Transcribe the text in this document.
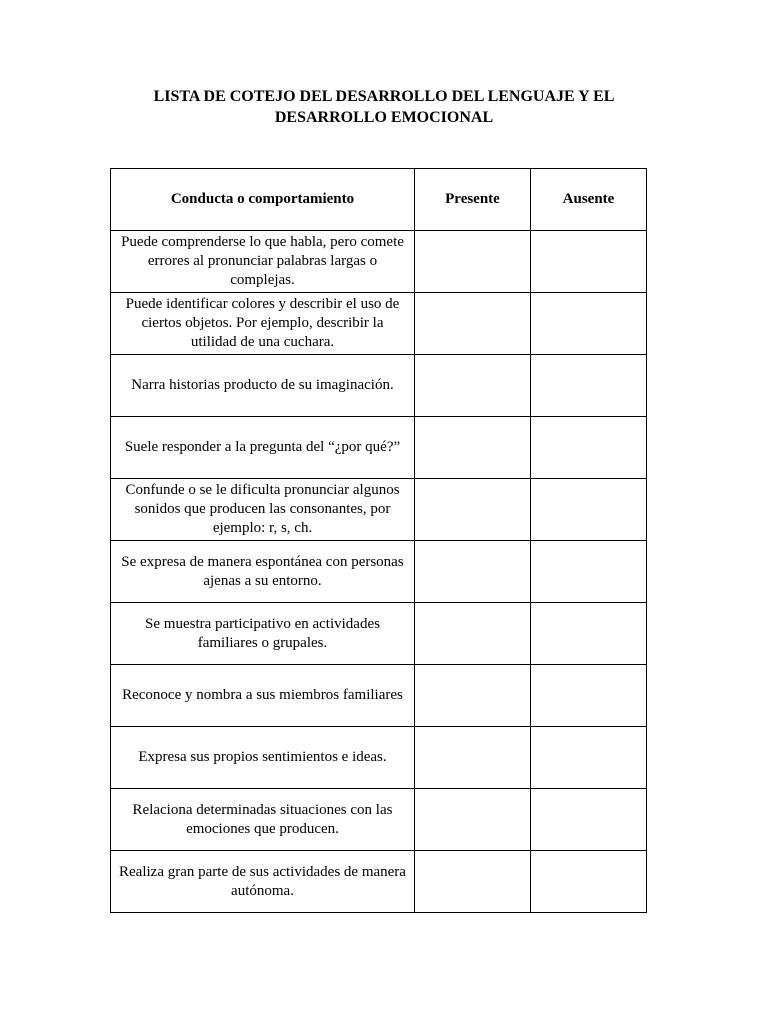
LISTA DE COTEJO DEL DESARROLLO DEL LENGUAJE Y EL
DESARROLLO EMOCIONAL
Conducta o comportamiento	Presente	Ausente
Puede comprenderse lo que habla, pero comete errores al pronunciar palabras largas o complejas.		
Puede identificar colores y describir el uso de ciertos objetos. Por ejemplo, describir la utilidad de una cuchara.		
Narra historias producto de su imaginación.		
Suele responder a la pregunta del “¿por qué?”		
Confunde o se le dificulta pronunciar algunos sonidos que producen las consonantes, por ejemplo: r, s, ch.		
Se expresa de manera espontánea con personas ajenas a su entorno.		
Se muestra participativo en actividades familiares o grupales.		
Reconoce y nombra a sus miembros familiares		
Expresa sus propios sentimientos e ideas.		
Relaciona determinadas situaciones con las emociones que producen.		
Realiza gran parte de sus actividades de manera autónoma.		
